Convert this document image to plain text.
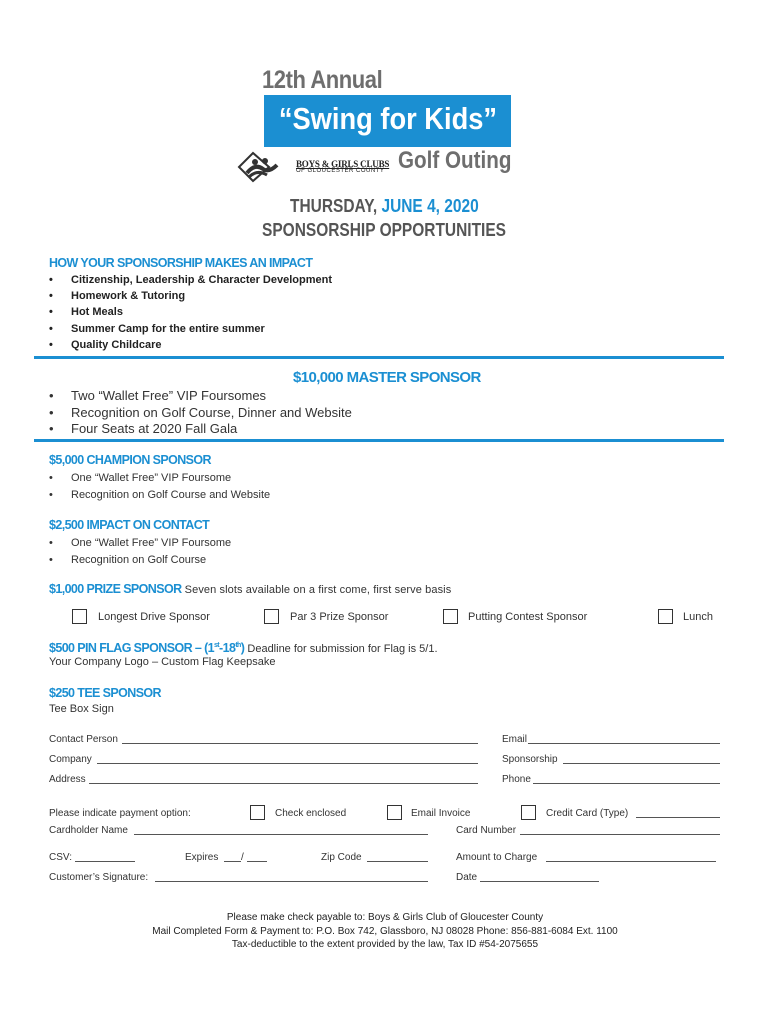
12th Annual
“Swing for Kids”
BOYS & GIRLS CLUBS
OF GLOUCESTER COUNTY Golf Outing
THURSDAY, JUNE 4, 2020
SPONSORSHIP OPPORTUNITIES
HOW YOUR SPONSORSHIP MAKES AN IMPACT
• Citizenship, Leadership & Character Development
• Homework & Tutoring
• Hot Meals
• Summer Camp for the entire summer
• Quality Childcare
$10,000 MASTER SPONSOR
• Two “Wallet Free” VIP Foursomes
• Recognition on Golf Course, Dinner and Website
• Four Seats at 2020 Fall Gala
$5,000 CHAMPION SPONSOR
• One “Wallet Free” VIP Foursome
• Recognition on Golf Course and Website
$2,500 IMPACT ON CONTACT
• One “Wallet Free” VIP Foursome
• Recognition on Golf Course
$1,000 PRIZE SPONSOR Seven slots available on a first come, first serve basis
Longest Drive Sponsor	Par 3 Prize Sponsor	Putting Contest Sponsor	Lunch
$500 PIN FLAG SPONSOR – (1st-18th) Deadline for submission for Flag is 5/1.
Your Company Logo – Custom Flag Keepsake
$250 TEE SPONSOR
Tee Box Sign
Contact Person	Email
Company	Sponsorship
Address	Phone
Please indicate payment option:	Check enclosed	Email Invoice	Credit Card (Type)
Cardholder Name	Card Number
CSV:	Expires /	Zip Code	Amount to Charge
Customer’s Signature:	Date
Please make check payable to: Boys & Girls Club of Gloucester County
Mail Completed Form & Payment to: P.O. Box 742, Glassboro, NJ 08028 Phone: 856-881-6084 Ext. 1100
Tax-deductible to the extent provided by the law, Tax ID #54-2075655
